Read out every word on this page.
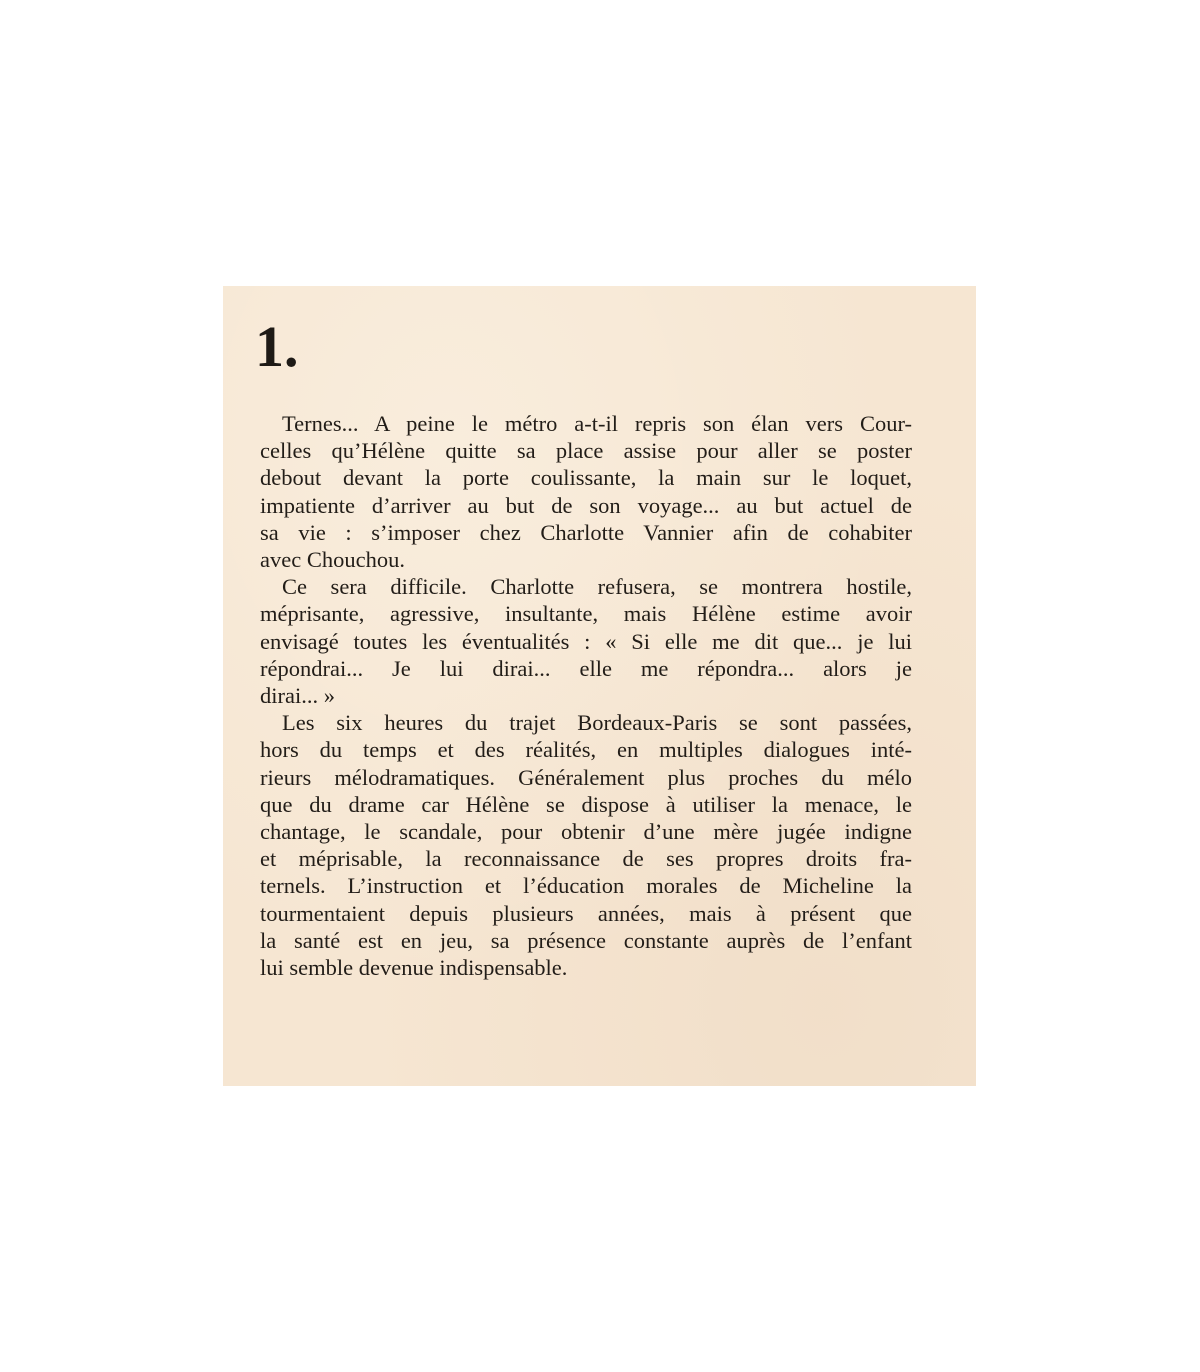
1.
Ternes... A peine le métro a-t-il repris son élan vers Cour-
celles qu’Hélène quitte sa place assise pour aller se poster
debout devant la porte coulissante, la main sur le loquet,
impatiente d’arriver au but de son voyage... au but actuel de
sa vie : s’imposer chez Charlotte Vannier afin de cohabiter
avec Chouchou.
Ce sera difficile. Charlotte refusera, se montrera hostile,
méprisante, agressive, insultante, mais Hélène estime avoir
envisagé toutes les éventualités : « Si elle me dit que... je lui
répondrai... Je lui dirai... elle me répondra... alors je
dirai... »
Les six heures du trajet Bordeaux-Paris se sont passées,
hors du temps et des réalités, en multiples dialogues inté-
rieurs mélodramatiques. Généralement plus proches du mélo
que du drame car Hélène se dispose à utiliser la menace, le
chantage, le scandale, pour obtenir d’une mère jugée indigne
et méprisable, la reconnaissance de ses propres droits fra-
ternels. L’instruction et l’éducation morales de Micheline la
tourmentaient depuis plusieurs années, mais à présent que
la santé est en jeu, sa présence constante auprès de l’enfant
lui semble devenue indispensable.
